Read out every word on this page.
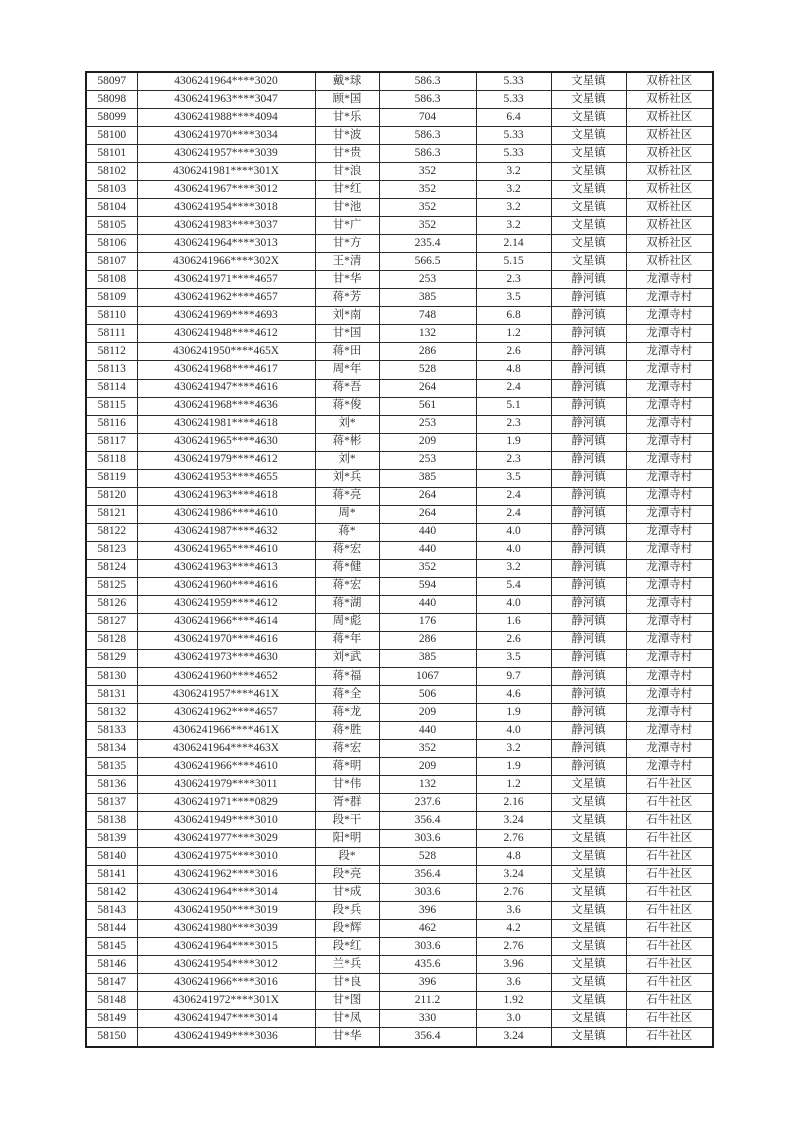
58097	4306241964****3020	戴*球	586.3	5.33	文星镇	双桥社区
58098	4306241963****3047	顾*国	586.3	5.33	文星镇	双桥社区
58099	4306241988****4094	甘*乐	704	6.4	文星镇	双桥社区
58100	4306241970****3034	甘*波	586.3	5.33	文星镇	双桥社区
58101	4306241957****3039	甘*贵	586.3	5.33	文星镇	双桥社区
58102	4306241981****301X	甘*浪	352	3.2	文星镇	双桥社区
58103	4306241967****3012	甘*红	352	3.2	文星镇	双桥社区
58104	4306241954****3018	甘*池	352	3.2	文星镇	双桥社区
58105	4306241983****3037	甘*广	352	3.2	文星镇	双桥社区
58106	4306241964****3013	甘*方	235.4	2.14	文星镇	双桥社区
58107	4306241966****302X	王*清	566.5	5.15	文星镇	双桥社区
58108	4306241971****4657	甘*华	253	2.3	静河镇	龙潭寺村
58109	4306241962****4657	蒋*芳	385	3.5	静河镇	龙潭寺村
58110	4306241969****4693	刘*南	748	6.8	静河镇	龙潭寺村
58111	4306241948****4612	甘*国	132	1.2	静河镇	龙潭寺村
58112	4306241950****465X	蒋*田	286	2.6	静河镇	龙潭寺村
58113	4306241968****4617	周*年	528	4.8	静河镇	龙潭寺村
58114	4306241947****4616	蒋*吾	264	2.4	静河镇	龙潭寺村
58115	4306241968****4636	蒋*俊	561	5.1	静河镇	龙潭寺村
58116	4306241981****4618	刘*	253	2.3	静河镇	龙潭寺村
58117	4306241965****4630	蒋*彬	209	1.9	静河镇	龙潭寺村
58118	4306241979****4612	刘*	253	2.3	静河镇	龙潭寺村
58119	4306241953****4655	刘*兵	385	3.5	静河镇	龙潭寺村
58120	4306241963****4618	蒋*亮	264	2.4	静河镇	龙潭寺村
58121	4306241986****4610	周*	264	2.4	静河镇	龙潭寺村
58122	4306241987****4632	蒋*	440	4.0	静河镇	龙潭寺村
58123	4306241965****4610	蒋*宏	440	4.0	静河镇	龙潭寺村
58124	4306241963****4613	蒋*健	352	3.2	静河镇	龙潭寺村
58125	4306241960****4616	蒋*宏	594	5.4	静河镇	龙潭寺村
58126	4306241959****4612	蒋*湖	440	4.0	静河镇	龙潭寺村
58127	4306241966****4614	周*彪	176	1.6	静河镇	龙潭寺村
58128	4306241970****4616	蒋*年	286	2.6	静河镇	龙潭寺村
58129	4306241973****4630	刘*武	385	3.5	静河镇	龙潭寺村
58130	4306241960****4652	蒋*福	1067	9.7	静河镇	龙潭寺村
58131	4306241957****461X	蒋*全	506	4.6	静河镇	龙潭寺村
58132	4306241962****4657	蒋*龙	209	1.9	静河镇	龙潭寺村
58133	4306241966****461X	蒋*胜	440	4.0	静河镇	龙潭寺村
58134	4306241964****463X	蒋*宏	352	3.2	静河镇	龙潭寺村
58135	4306241966****4610	蒋*明	209	1.9	静河镇	龙潭寺村
58136	4306241979****3011	甘*伟	132	1.2	文星镇	石牛社区
58137	4306241971****0829	胥*群	237.6	2.16	文星镇	石牛社区
58138	4306241949****3010	段*干	356.4	3.24	文星镇	石牛社区
58139	4306241977****3029	阳*明	303.6	2.76	文星镇	石牛社区
58140	4306241975****3010	段*	528	4.8	文星镇	石牛社区
58141	4306241962****3016	段*亮	356.4	3.24	文星镇	石牛社区
58142	4306241964****3014	甘*成	303.6	2.76	文星镇	石牛社区
58143	4306241950****3019	段*兵	396	3.6	文星镇	石牛社区
58144	4306241980****3039	段*辉	462	4.2	文星镇	石牛社区
58145	4306241964****3015	段*红	303.6	2.76	文星镇	石牛社区
58146	4306241954****3012	兰*兵	435.6	3.96	文星镇	石牛社区
58147	4306241966****3016	甘*良	396	3.6	文星镇	石牛社区
58148	4306241972****301X	甘*图	211.2	1.92	文星镇	石牛社区
58149	4306241947****3014	甘*凤	330	3.0	文星镇	石牛社区
58150	4306241949****3036	甘*华	356.4	3.24	文星镇	石牛社区
